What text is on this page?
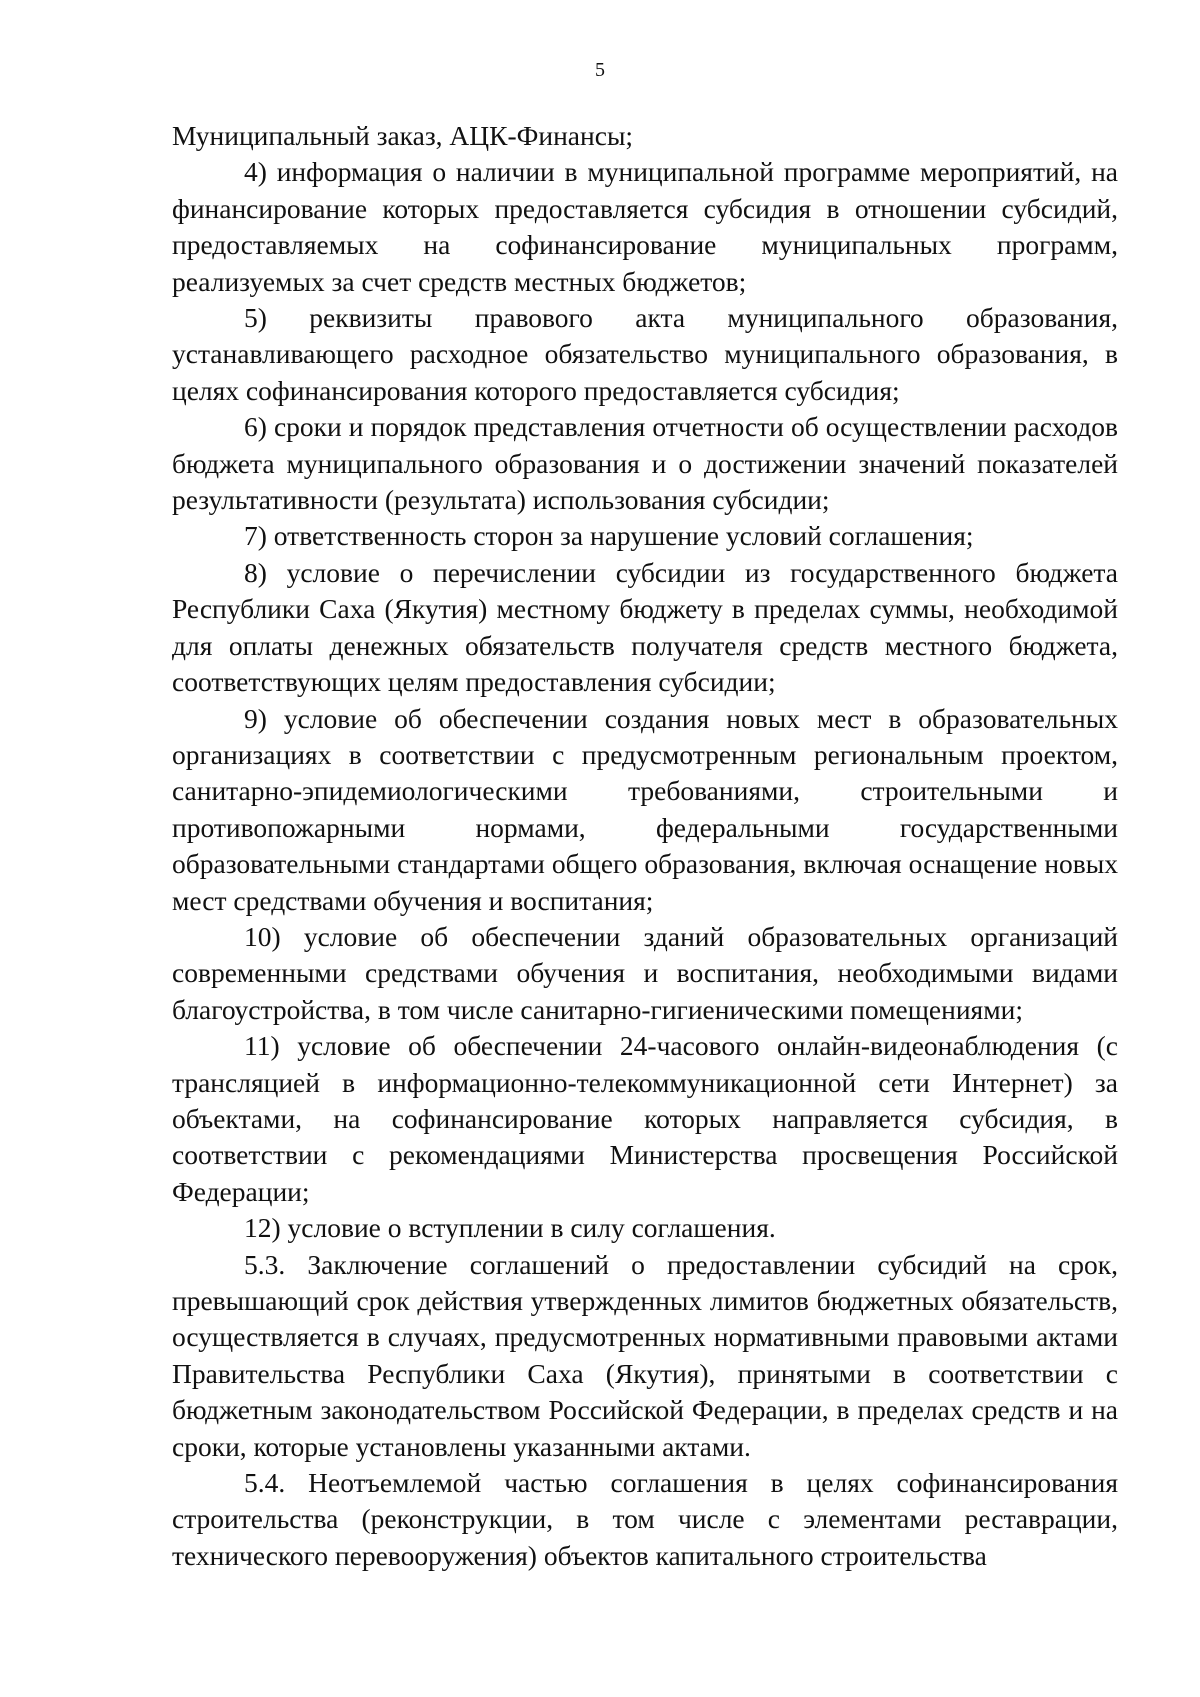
5

Муниципальный заказ, АЦК-Финансы;

4) информация о наличии в муниципальной программе мероприятий, на финансирование которых предоставляется субсидия в отношении субсидий, предоставляемых на софинансирование муниципальных программ, реализуемых за счет средств местных бюджетов;

5) реквизиты правового акта муниципального образования, устанавливающего расходное обязательство муниципального образования, в целях софинансирования которого предоставляется субсидия;

6) сроки и порядок представления отчетности об осуществлении расходов бюджета муниципального образования и о достижении значений показателей результативности (результата) использования субсидии;

7) ответственность сторон за нарушение условий соглашения;

8) условие о перечислении субсидии из государственного бюджета Республики Саха (Якутия) местному бюджету в пределах суммы, необходимой для оплаты денежных обязательств получателя средств местного бюджета, соответствующих целям предоставления субсидии;

9) условие об обеспечении создания новых мест в образовательных организациях в соответствии с предусмотренным региональным проектом, санитарно-эпидемиологическими требованиями, строительными и противопожарными нормами, федеральными государственными образовательными стандартами общего образования, включая оснащение новых мест средствами обучения и воспитания;

10) условие об обеспечении зданий образовательных организаций современными средствами обучения и воспитания, необходимыми видами благоустройства, в том числе санитарно-гигиеническими помещениями;

11) условие об обеспечении 24-часового онлайн-видеонаблюдения (с трансляцией в информационно-телекоммуникационной сети Интернет) за объектами, на софинансирование которых направляется субсидия, в соответствии с рекомендациями Министерства просвещения Российской Федерации;

12) условие о вступлении в силу соглашения.

5.3. Заключение соглашений о предоставлении субсидий на срок, превышающий срок действия утвержденных лимитов бюджетных обязательств, осуществляется в случаях, предусмотренных нормативными правовыми актами Правительства Республики Саха (Якутия), принятыми в соответствии с бюджетным законодательством Российской Федерации, в пределах средств и на сроки, которые установлены указанными актами.

5.4. Неотъемлемой частью соглашения в целях софинансирования строительства (реконструкции, в том числе с элементами реставрации, технического перевооружения) объектов капитального строительства
